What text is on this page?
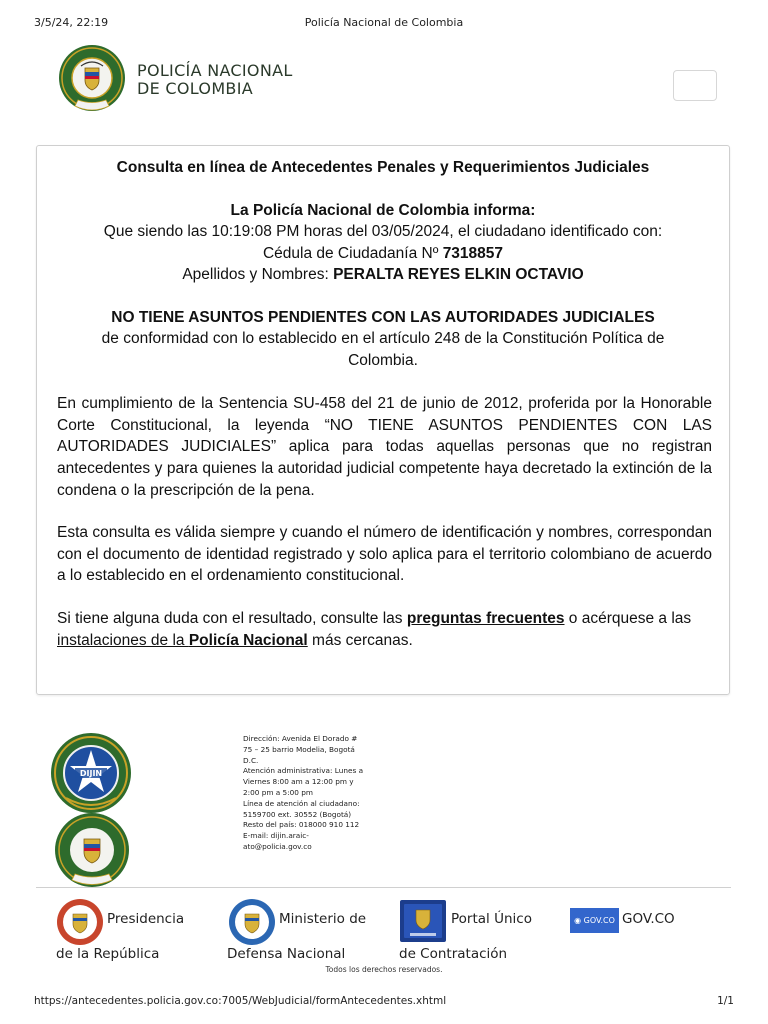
3/5/24, 22:19	Policía Nacional de Colombia
POLICÍA NACIONAL
DE COLOMBIA
Consulta en línea de Antecedentes Penales y Requerimientos Judiciales
La Policía Nacional de Colombia informa:
Que siendo las 10:19:08 PM horas del 03/05/2024, el ciudadano identificado con:
Cédula de Ciudadanía Nº 7318857
Apellidos y Nombres: PERALTA REYES ELKIN OCTAVIO
NO TIENE ASUNTOS PENDIENTES CON LAS AUTORIDADES JUDICIALES
de conformidad con lo establecido en el artículo 248 de la Constitución Política de
Colombia.
En cumplimiento de la Sentencia SU-458 del 21 de junio de 2012, proferida por la Honorable Corte Constitucional, la leyenda “NO TIENE ASUNTOS PENDIENTES CON LAS AUTORIDADES JUDICIALES” aplica para todas aquellas personas que no registran antecedentes y para quienes la autoridad judicial competente haya decretado la extinción de la condena o la prescripción de la pena.
Esta consulta es válida siempre y cuando el número de identificación y nombres, correspondan con el documento de identidad registrado y solo aplica para el territorio colombiano de acuerdo a lo establecido en el ordenamiento constitucional.
Si tiene alguna duda con el resultado, consulte las preguntas frecuentes o acérquese a las
instalaciones de la Policía Nacional más cercanas.
DIJIN
Dirección: Avenida El Dorado #
75 – 25 barrio Modelia, Bogotá
D.C.
Atención administrativa: Lunes a
Viernes 8:00 am a 12:00 pm y
2:00 pm a 5:00 pm
Línea de atención al ciudadano:
5159700 ext. 30552 (Bogotá)
Resto del país: 018000 910 112
E-mail: dijin.araic-
ato@policia.gov.co
Presidencia
de la República
Ministerio de
Defensa Nacional
Portal Único
de Contratación
◉ GOV.CO GOV.CO
Todos los derechos reservados.
https://antecedentes.policia.gov.co:7005/WebJudicial/formAntecedentes.xhtml	1/1
